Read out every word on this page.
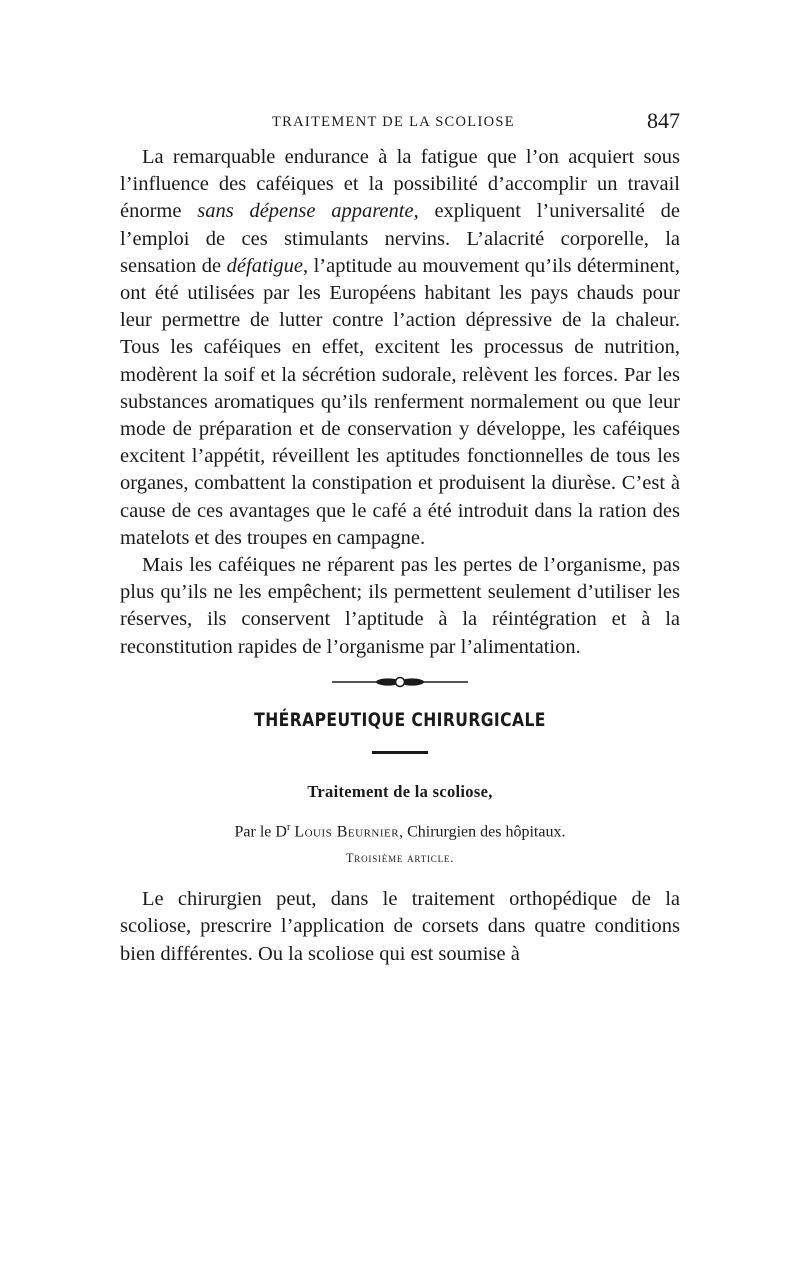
TRAITEMENT DE LA SCOLIOSE	847

La remarquable endurance à la fatigue que l’on acquiert sous l’influence des caféiques et la possibilité d’accomplir un travail énorme sans dépense apparente, expliquent l’universalité de l’emploi de ces stimulants nervins. L’alacrité corporelle, la sensation de défatigue, l’aptitude au mouvement qu’ils déterminent, ont été utilisées par les Européens habitant les pays chauds pour leur permettre de lutter contre l’action dépressive de la chaleur. Tous les caféiques en effet, excitent les processus de nutrition, modèrent la soif et la sécrétion sudorale, relèvent les forces. Par les substances aromatiques qu’ils renferment normalement ou que leur mode de préparation et de conservation y développe, les caféiques excitent l’appétit, réveillent les aptitudes fonctionnelles de tous les organes, combattent la constipation et produisent la diurèse. C’est à cause de ces avantages que le café a été introduit dans la ration des matelots et des troupes en campagne.

Mais les caféiques ne réparent pas les pertes de l’organisme, pas plus qu’ils ne les empêchent; ils permettent seulement d’utiliser les réserves, ils conservent l’aptitude à la réintégration et à la reconstitution rapides de l’organisme par l’alimentation.

THÉRAPEUTIQUE CHIRURGICALE
Traitement de la scoliose,
Par le $D^r$ Louis Beurnier, Chirurgien des hôpitaux.
Troisième article.

Le chirurgien peut, dans le traitement orthopédique de la scoliose, prescrire l’application de corsets dans quatre conditions bien différentes. Ou la scoliose qui est soumise à
